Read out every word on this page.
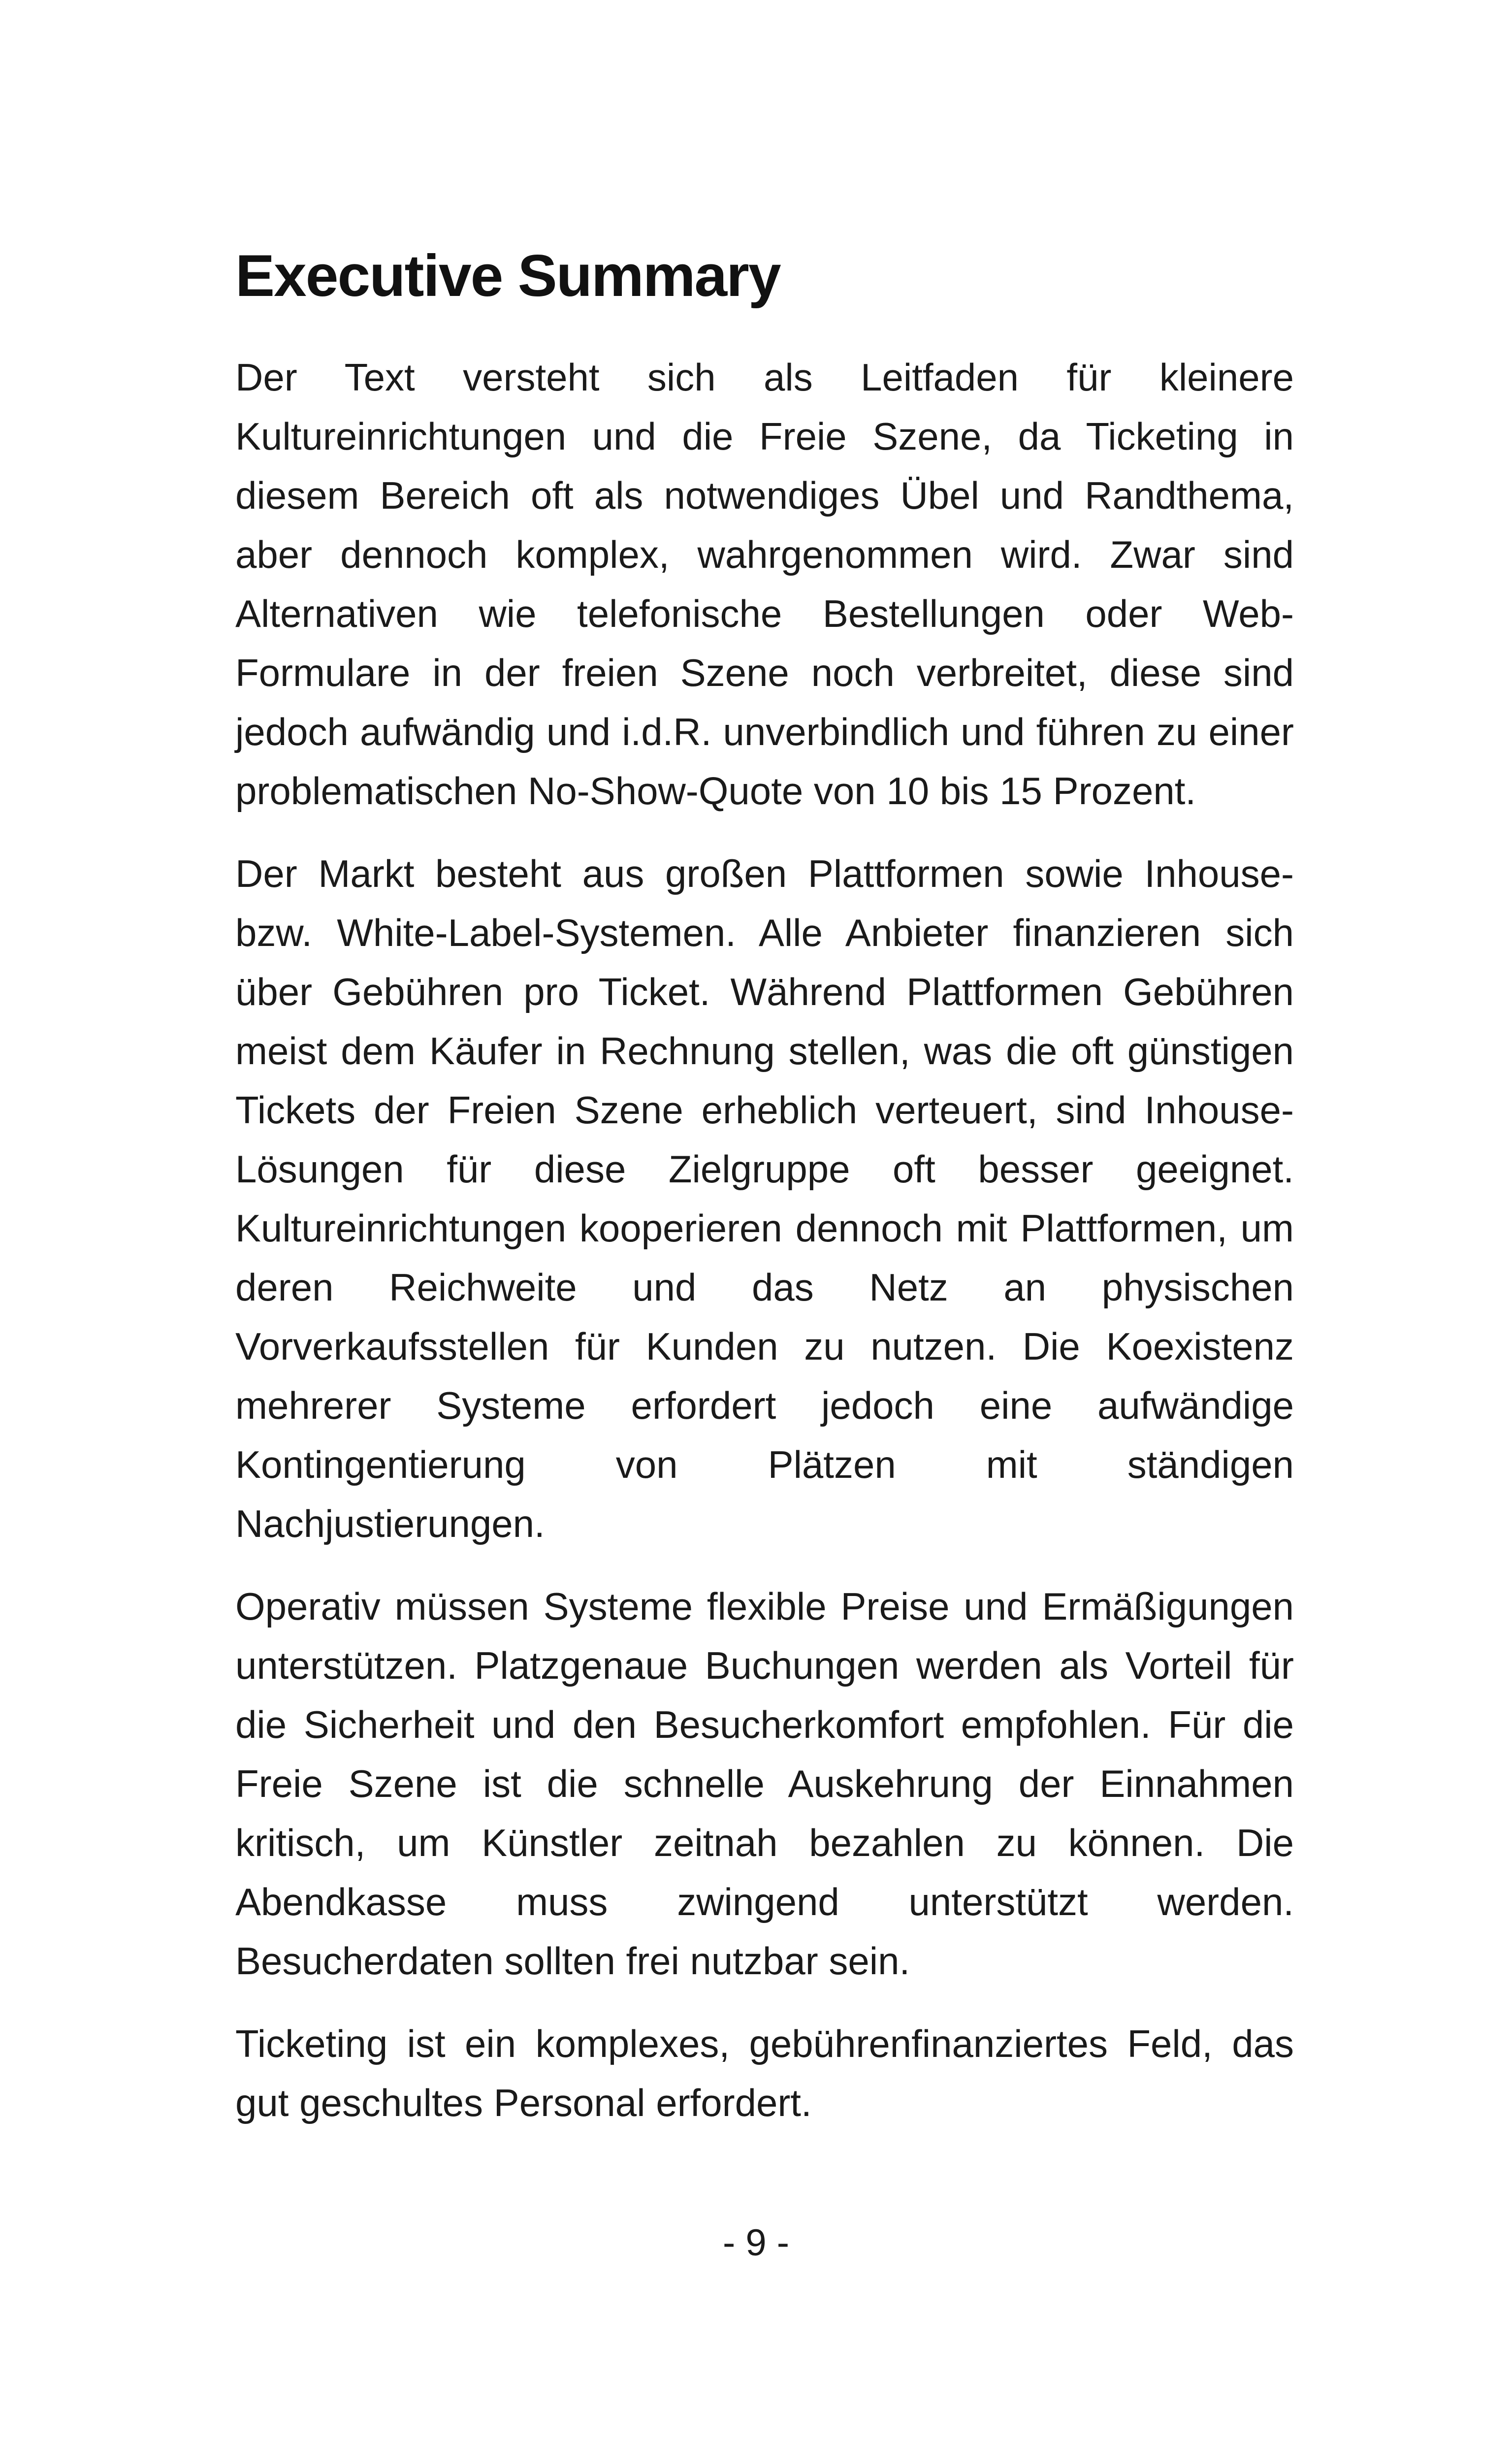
Executive Summary

Der Text versteht sich als Leitfaden für kleinere Kultureinrichtungen und die Freie Szene, da Ticketing in diesem Bereich oft als notwendiges Übel und Randthema, aber dennoch komplex, wahrgenommen wird. Zwar sind Alternativen wie telefonische Bestellungen oder Web-Formulare in der freien Szene noch verbreitet, diese sind jedoch aufwändig und i.d.R. unverbindlich und führen zu einer problematischen No-Show-Quote von 10 bis 15 Prozent.

Der Markt besteht aus großen Plattformen sowie Inhouse- bzw. White-Label-Systemen. Alle Anbieter finanzieren sich über Gebühren pro Ticket. Während Plattformen Gebühren meist dem Käufer in Rechnung stellen, was die oft günstigen Tickets der Freien Szene erheblich verteuert, sind Inhouse-Lösungen für diese Zielgruppe oft besser geeignet. Kultureinrichtungen kooperieren dennoch mit Plattformen, um deren Reichweite und das Netz an physischen Vorverkaufsstellen für Kunden zu nutzen. Die Koexistenz mehrerer Systeme erfordert jedoch eine aufwändige Kontingentierung von Plätzen mit ständigen Nachjustierungen.

Operativ müssen Systeme flexible Preise und Ermäßigungen unterstützen. Platzgenaue Buchungen werden als Vorteil für die Sicherheit und den Besucherkomfort empfohlen. Für die Freie Szene ist die schnelle Auskehrung der Einnahmen kritisch, um Künstler zeitnah bezahlen zu können. Die Abendkasse muss zwingend unterstützt werden. Besucherdaten sollten frei nutzbar sein.

Ticketing ist ein komplexes, gebührenfinanziertes Feld, das gut geschultes Personal erfordert.

- 9 -
